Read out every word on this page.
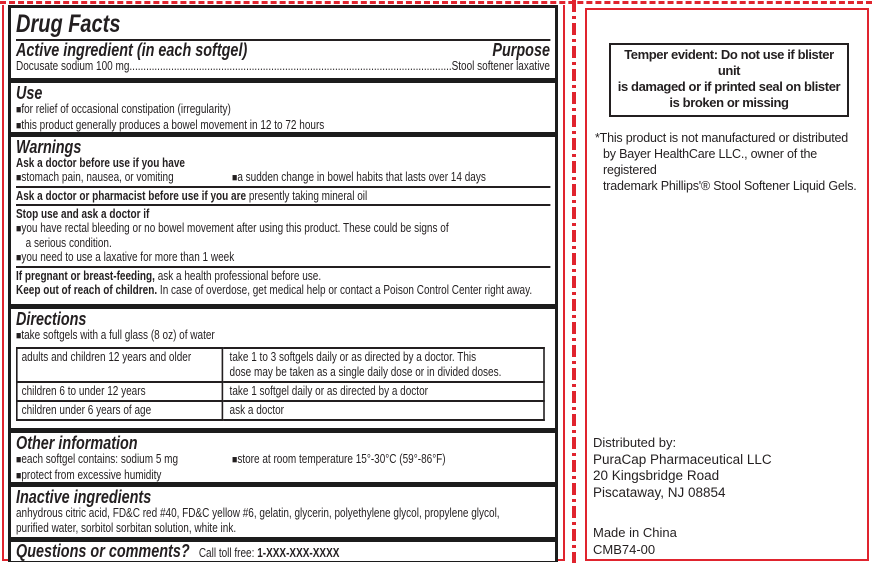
Drug Facts
Active ingredient (in each softgel)	Purpose
Docusate sodium 100 mg .....	Stool softener laxative
Use
■ for relief of occasional constipation (irregularity)
■ this product generally produces a bowel movement in 12 to 72 hours
Warnings
Ask a doctor before use if you have
■ stomach pain, nausea, or vomiting	■ a sudden change in bowel habits that lasts over 14 days
Ask a doctor or pharmacist before use if you are presently taking mineral oil
Stop use and ask a doctor if
■ you have rectal bleeding or no bowel movement after using this product. These could be signs of
a serious condition.
■ you need to use a laxative for more than 1 week
If pregnant or breast-feeding, ask a health professional before use.
Keep out of reach of children. In case of overdose, get medical help or contact a Poison Control Center right away.
Directions
■ take softgels with a full glass (8 oz) of water
adults and children 12 years and older	take 1 to 3 softgels daily or as directed by a doctor. This
dose may be taken as a single daily dose or in divided doses.

children 6 to under 12 years	take 1 softgel daily or as directed by a doctor
children under 6 years of age	ask a doctor
Other information
■ each softgel contains: sodium 5 mg	■ store at room temperature 15°-30°C (59°-86°F)
■ protect from excessive humidity
Inactive ingredients
anhydrous citric acid, FD&C red #40, FD&C yellow #6, gelatin, glycerin, polyethylene glycol, propylene glycol,
purified water, sorbitol sorbitan solution, white ink.
Questions or comments? Call toll free: 1-XXX-XXX-XXXX
Temper evident: Do not use if blister unit
is damaged or if printed seal on blister
is broken or missing
*This product is not manufactured or distributed
by Bayer HealthCare LLC., owner of the registered
trademark Phillips'® Stool Softener Liquid Gels.
Distributed by:
PuraCap Pharmaceutical LLC
20 Kingsbridge Road
Piscataway, NJ 08854
Made in China
CMB74-00
